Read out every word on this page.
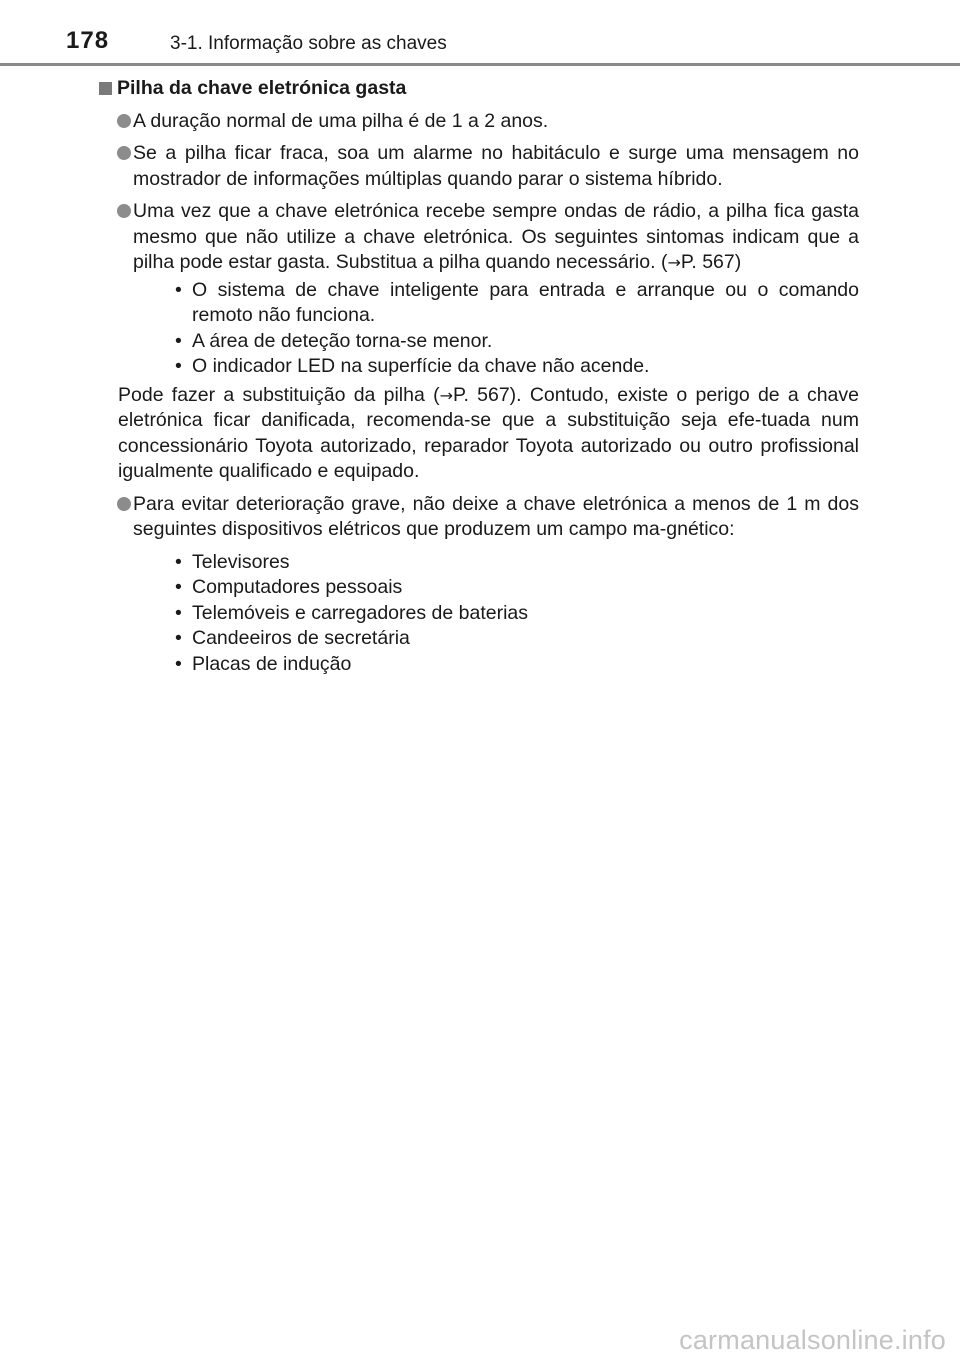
178	3-1. Informação sobre as chaves
Pilha da chave eletrónica gasta
A duração normal de uma pilha é de 1 a 2 anos.
Se a pilha ficar fraca, soa um alarme no habitáculo e surge uma mensagem no mostrador de informações múltiplas quando parar o sistema híbrido.
Uma vez que a chave eletrónica recebe sempre ondas de rádio, a pilha fica gasta mesmo que não utilize a chave eletrónica. Os seguintes sintomas indicam que a pilha pode estar gasta. Substitua a pilha quando necessário. (→P. 567)
• O sistema de chave inteligente para entrada e arranque ou o comando remoto não funciona.
• A área de deteção torna-se menor.
• O indicador LED na superfície da chave não acende.
Pode fazer a substituição da pilha (→P. 567). Contudo, existe o perigo de a chave eletrónica ficar danificada, recomenda-se que a substituição seja efe-tuada num concessionário Toyota autorizado, reparador Toyota autorizado ou outro profissional igualmente qualificado e equipado.
Para evitar deterioração grave, não deixe a chave eletrónica a menos de 1 m dos seguintes dispositivos elétricos que produzem um campo ma-gnético:
• Televisores
• Computadores pessoais
• Telemóveis e carregadores de baterias
• Candeeiros de secretária
• Placas de indução
carmanualsonline.info
